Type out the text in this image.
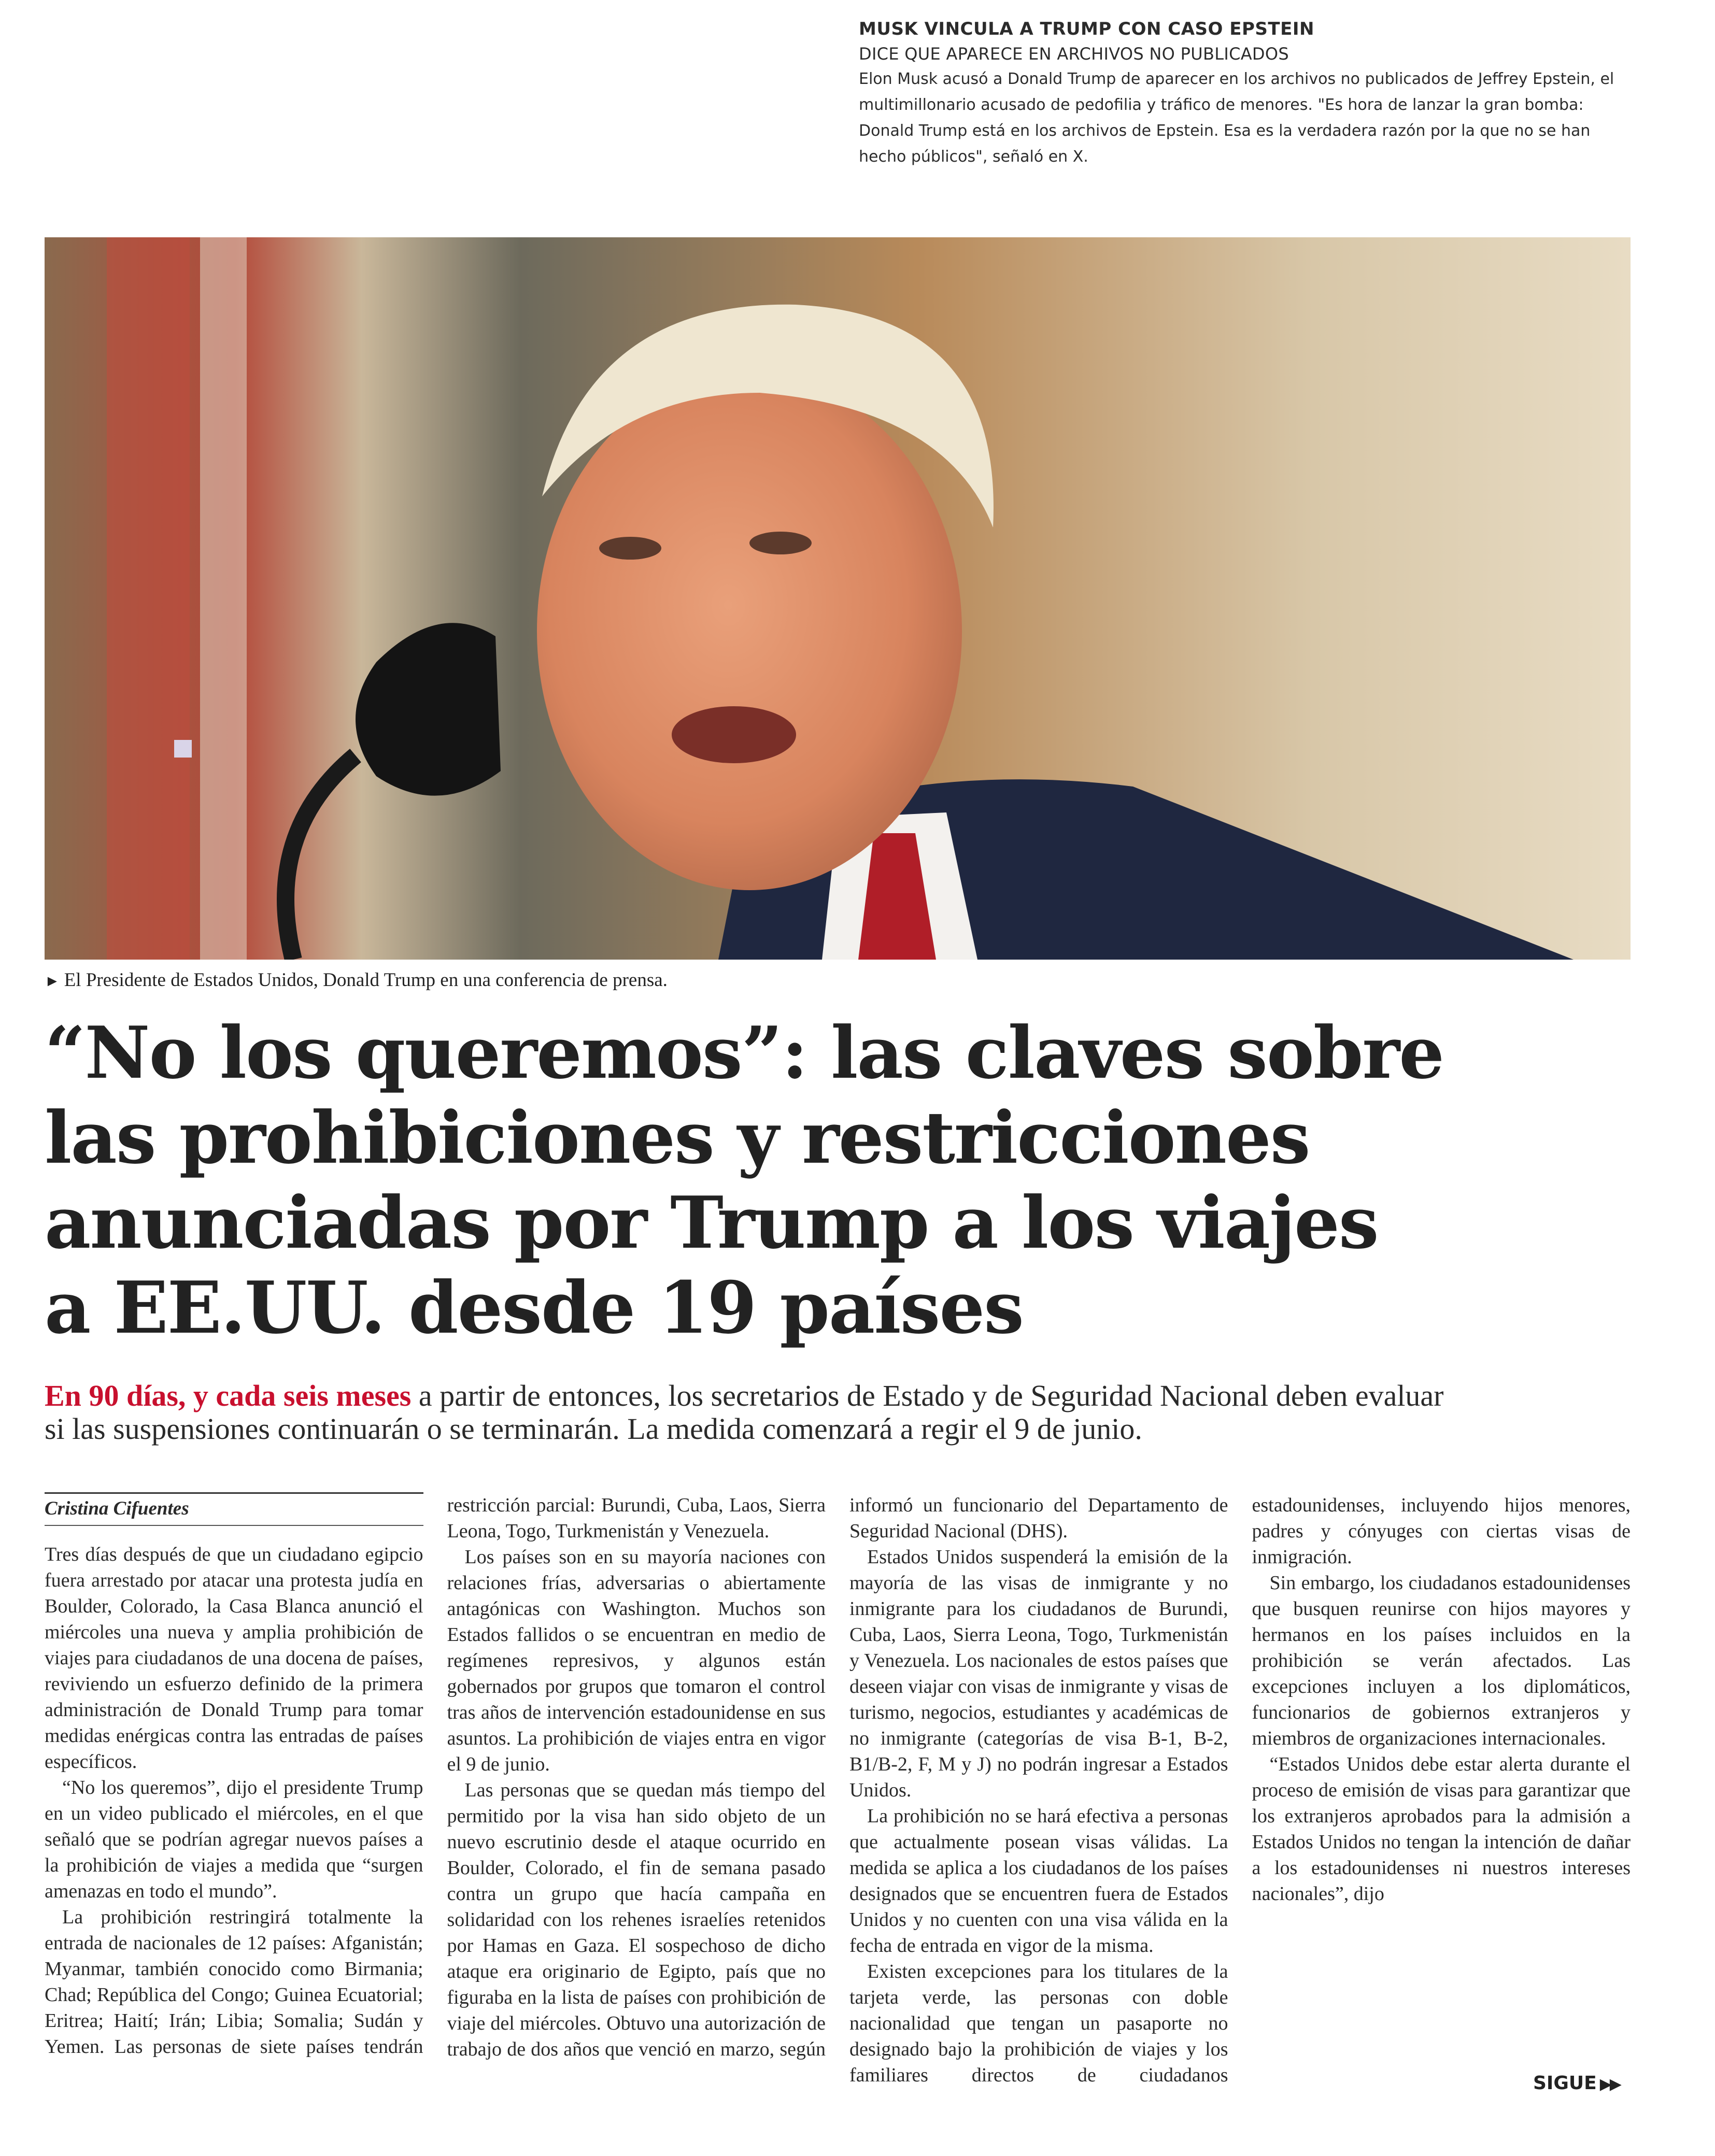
MUSK VINCULA A TRUMP CON CASO EPSTEIN
DICE QUE APARECE EN ARCHIVOS NO PUBLICADOS

Elon Musk acusó a Donald Trump de aparecer en los archivos no publicados de Jeffrey Epstein, el multimillonario acusado de pedofilia y tráfico de menores. "Es hora de lanzar la gran bomba: Donald Trump está en los archivos de Epstein. Esa es la verdadera razón por la que no se han hecho públicos", señaló en X.

► El Presidente de Estados Unidos, Donald Trump en una conferencia de prensa.
“No los queremos”: las claves sobre las prohibiciones y restricciones anunciadas por Trump a los viajes a EE.UU. desde 19 países

En 90 días, y cada seis meses a partir de entonces, los secretarios de Estado y de Seguridad Nacional deben evaluar si las suspensiones continuarán o se terminarán. La medida comenzará a regir el 9 de junio.

Cristina Cifuentes

Tres días después de que un ciudadano egipcio fuera arrestado por atacar una protesta judía en Boulder, Colorado, la Casa Blanca anunció el miércoles una nueva y amplia prohibición de viajes para ciudadanos de una docena de países, reviviendo un esfuerzo definido de la primera administración de Donald Trump para tomar medidas enérgicas contra las entradas de países específicos.

“No los queremos”, dijo el presidente Trump en un video publicado el miércoles, en el que señaló que se podrían agregar nuevos países a la prohibición de viajes a medida que “surgen amenazas en todo el mundo”.

La prohibición restringirá totalmente la entrada de nacionales de 12 países: Afganistán; Myanmar, también conocido como Birmania; Chad; República del Congo; Guinea Ecuatorial; Eritrea; Haití; Irán; Libia; Somalia; Sudán y Yemen. Las personas de siete países tendrán restricción parcial: Burundi, Cuba, Laos, Sierra Leona, Togo, Turkmenistán y Venezuela.

Los países son en su mayoría naciones con relaciones frías, adversarias o abiertamente antagónicas con Washington. Muchos son Estados fallidos o se encuentran en medio de regímenes represivos, y algunos están gobernados por grupos que tomaron el control tras años de intervención estadounidense en sus asuntos. La prohibición de viajes entra en vigor el 9 de junio.

Las personas que se quedan más tiempo del permitido por la visa han sido objeto de un nuevo escrutinio desde el ataque ocurrido en Boulder, Colorado, el fin de semana pasado contra un grupo que hacía campaña en solidaridad con los rehenes israelíes retenidos por Hamas en Gaza. El sospechoso de dicho ataque era originario de Egipto, país que no figuraba en la lista de países con prohibición de viaje del miércoles. Obtuvo una autorización de trabajo de dos años que venció en marzo, según informó un funcionario del Departamento de Seguridad Nacional (DHS).

Estados Unidos suspenderá la emisión de la mayoría de las visas de inmigrante y no inmigrante para los ciudadanos de Burundi, Cuba, Laos, Sierra Leona, Togo, Turkmenistán y Venezuela. Los nacionales de estos países que deseen viajar con visas de inmigrante y visas de turismo, negocios, estudiantes y académicas de no inmigrante (categorías de visa B-1, B-2, B1/B-2, F, M y J) no podrán ingresar a Estados Unidos.

La prohibición no se hará efectiva a personas que actualmente posean visas válidas. La medida se aplica a los ciudadanos de los países designados que se encuentren fuera de Estados Unidos y no cuenten con una visa válida en la fecha de entrada en vigor de la misma.

Existen excepciones para los titulares de la tarjeta verde, las personas con doble nacionalidad que tengan un pasaporte no designado bajo la prohibición de viajes y los familiares directos de ciudadanos estadounidenses, incluyendo hijos menores, padres y cónyuges con ciertas visas de inmigración.

Sin embargo, los ciudadanos estadounidenses que busquen reunirse con hijos mayores y hermanos en los países incluidos en la prohibición se verán afectados. Las excepciones incluyen a los diplomáticos, funcionarios de gobiernos extranjeros y miembros de organizaciones internacionales.

“Estados Unidos debe estar alerta durante el proceso de emisión de visas para garantizar que los extranjeros aprobados para la admisión a Estados Unidos no tengan la intención de dañar a los estadounidenses ni nuestros intereses nacionales”, dijo

SIGUE ▶▶
